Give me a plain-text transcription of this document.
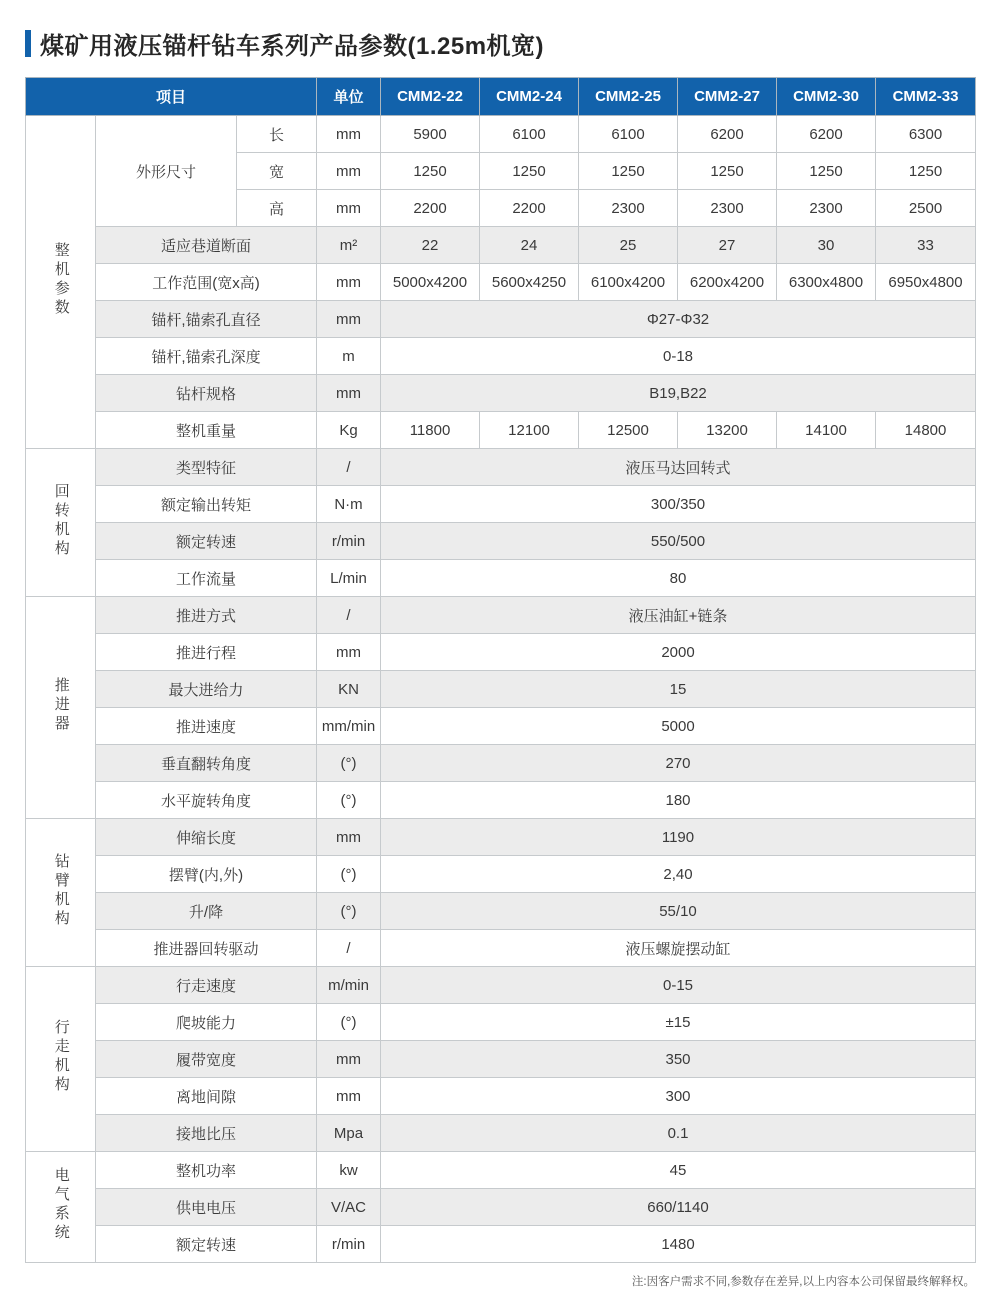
煤矿用液压锚杆钻车系列产品参数(1.25m机宽)
项目			单位	CMM2-22	CMM2-24	CMM2-25	CMM2-27	CMM2-30	CMM2-33
整机参数	外形尺寸	长	mm	5900	6100	6100	6200	6200	6300
		宽	mm	1250	1250	1250	1250	1250	1250
		高	mm	2200	2200	2300	2300	2300	2500
	适应巷道断面		m²	22	24	25	27	30	33
	工作范围(宽x高)		mm	5000x4200	5600x4250	6100x4200	6200x4200	6300x4800	6950x4800
	锚杆,锚索孔直径		mm	Φ27-Φ32					
	锚杆,锚索孔深度		m	0-18					
	钻杆规格		mm	B19,B22					
	整机重量		Kg	11800	12100	12500	13200	14100	14800
回转机构	类型特征		/	液压马达回转式					
	额定输出转矩		N·m	300/350					
	额定转速		r/min	550/500					
	工作流量		L/min	80					
推进器	推进方式		/	液压油缸+链条					
	推进行程		mm	2000					
	最大进给力		KN	15					
	推进速度		mm/min	5000					
	垂直翻转角度		(°)	270					
	水平旋转角度		(°)	180					
钻臂机构	伸缩长度		mm	1190					
	摆臂(内,外)		(°)	2,40					
	升/降		(°)	55/10					
	推进器回转驱动		/	液压螺旋摆动缸					
行走机构	行走速度		m/min	0-15					
	爬坡能力		(°)	±15					
	履带宽度		mm	350					
	离地间隙		mm	300					
	接地比压		Mpa	0.1					
电气系统	整机功率		kw	45					
	供电电压		V/AC	660/1140					
	额定转速		r/min	1480					
注:因客户需求不同,参数存在差异,以上内容本公司保留最终解释权。
